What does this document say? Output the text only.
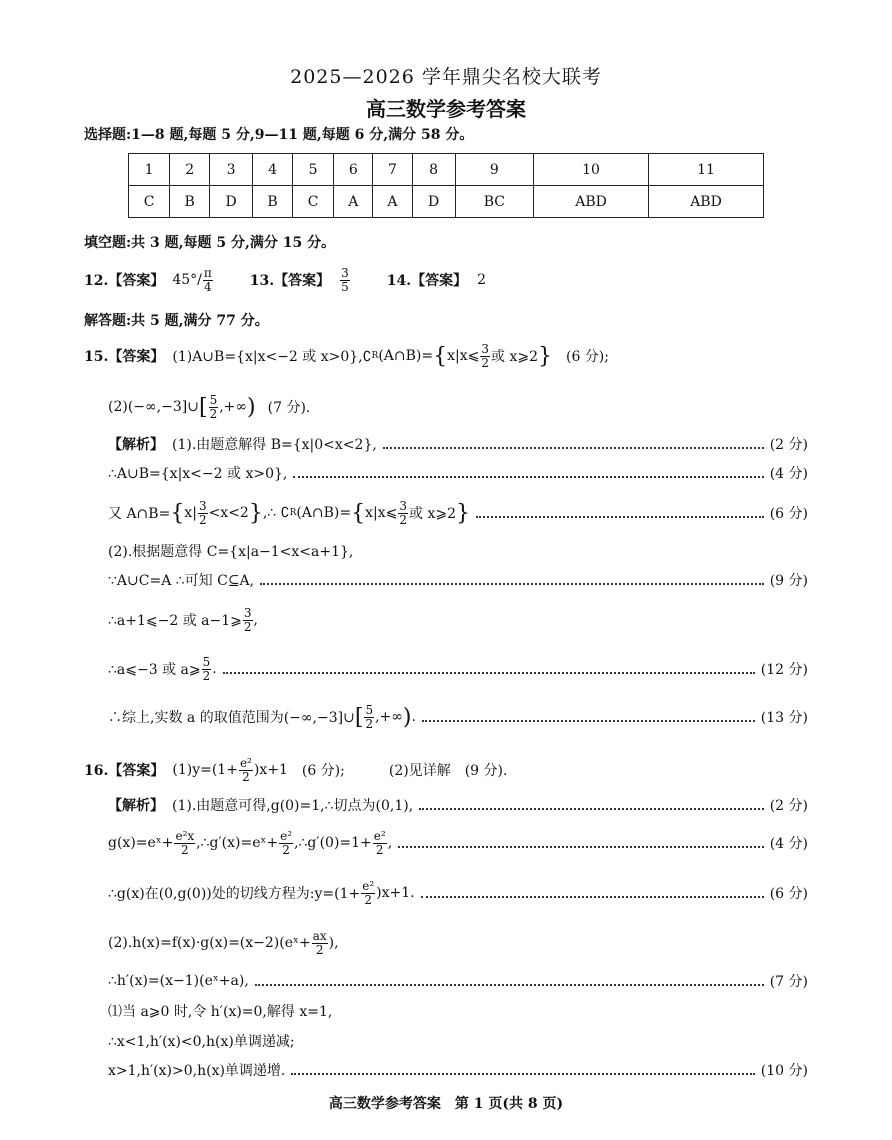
2025—2026 学年鼎尖名校大联考
高三数学参考答案
选择题:1—8 题,每题 5 分,9—11 题,每题 6 分,满分 58 分。
1	2	3	4	5	6	7	8	9	10	11
C	B	D	B	C	A	A	D	BC	ABD	ABD
填空题:共 3 题,每题 5 分,满分 15 分。
12.【答案】 $45^\circ/ \frac{\pi}{4}$	13.【答案】 $\frac{3}{5}$	14.【答案】 2
解答题:共 5 题,满分 77 分。
15.【答案】 (1)A∪B={x|x<−2 或 x>0},∁ R (A∩B)= { x|x⩽ $\frac{3}{2}$ 或 x⩾2 } (6 分);
(2)(−∞,−3]∪ [ $\frac{5}{2}$ ,+∞ ) (7 分).
【解析】 (1).由题意解得 B={x|0<x<2},	(2 分)
∴A∪B={x|x<−2 或 x>0},	(4 分)
又 A∩B= { $x| \frac{3}{2} <x<2$ } ,∴ ∁ R (A∩B)= { x|x⩽ $\frac{3}{2}$ 或 x⩾2 }	(6 分)
(2).根据题意得 C={x|a−1<x<a+1},
∵A∪C=A ∴可知 C⊆A,	(9 分)
∴a+1⩽−2 或 a−1⩾ $\frac{3}{2}$ ,
∴a⩽−3 或 a⩾ $\frac{5}{2}$ .	(12 分)
∴综上,实数 a 的取值范围为(−∞,−3]∪ [ $\frac{5}{2}$ ,+∞ ) .	(13 分)
16.【答案】 $(1)y=(1+ \frac{\text{e²}}{2} )x+1$ (6 分);	(2)见详解 (9 分).
【解析】 (1).由题意可得,g(0)=1,∴切点为(0,1),	(2 分)
g(x)=eˣ+ $\frac{\text{e²x}}{2}$ ,∴g′(x)=eˣ+ $\frac{\text{e²}}{2}$ ,∴g′(0)=1+ $\frac{\text{e²}}{2}$ ,	(4 分)
∴g(x)在(0,g(0))处的切线方程为:y=(1+ $\frac{\text{e²}}{2} )x+1$.	(6 分)
(2).h(x)=f(x)·g(x)=(x−2)(eˣ+ $\frac{ax}{2}$ ),
∴h′(x)=(x−1)(eˣ+a),	(7 分)
⑴当 a⩾0 时,令 h′(x)=0,解得 x=1,
∴x<1,h′(x)<0,h(x)单调递减;
x>1,h′(x)>0,h(x)单调递增.	(10 分)
高三数学参考答案　第 1 页(共 8 页)
